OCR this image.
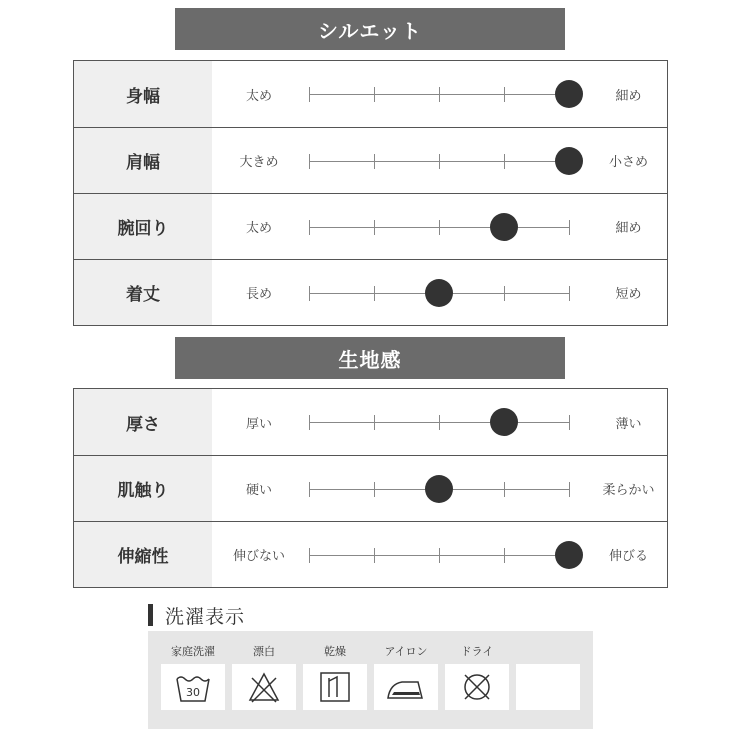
シルエット
身幅	太め	細め
肩幅	大きめ	小さめ
腕回り	太め	細め
着丈	長め	短め
生地感
厚さ	厚い	薄い
肌触り	硬い	柔らかい
伸縮性	伸びない	伸びる
洗濯表示
家庭洗濯
30
漂白	乾燥	アイロン	ドライ
